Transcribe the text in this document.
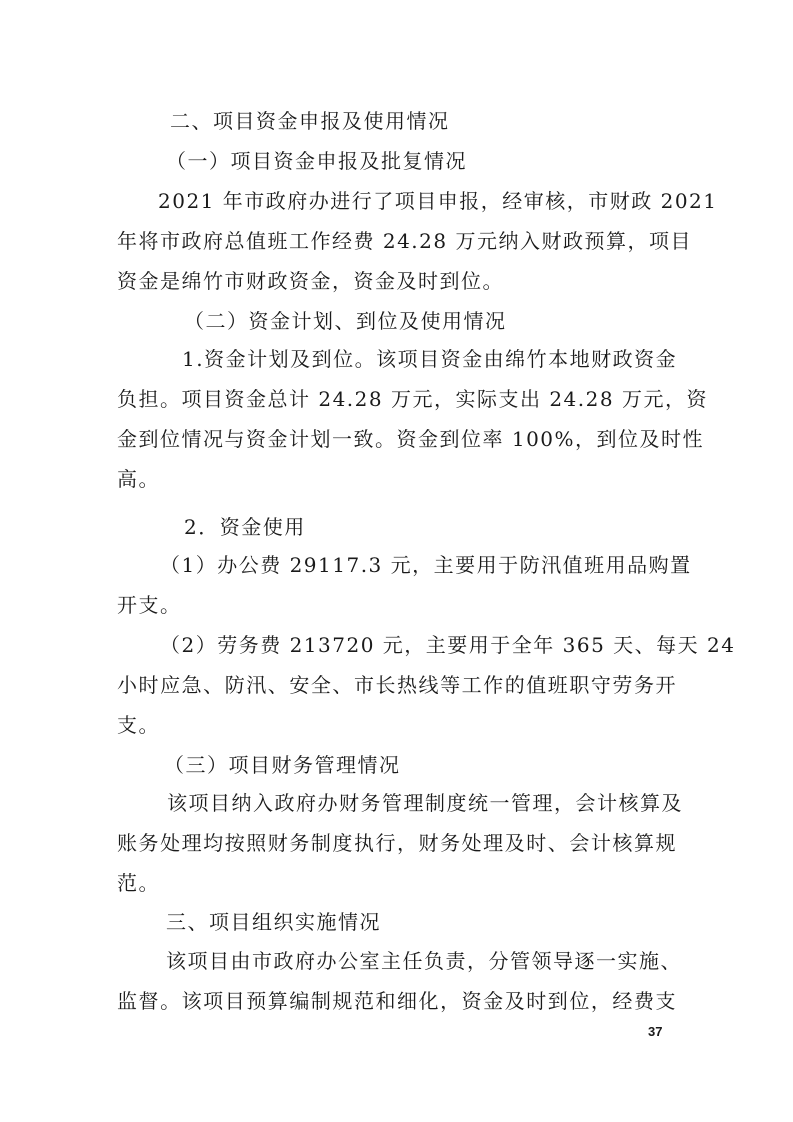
二、项目资金申报及使用情况
（一）项目资金申报及批复情况
2021 年市政府办进行了项目申报，经审核，市财政 2021
年将市政府总值班工作经费 24.28 万元纳入财政预算，项目
资金是绵竹市财政资金，资金及时到位。
（二）资金计划、到位及使用情况
1.资金计划及到位。该项目资金由绵竹本地财政资金
负担。项目资金总计 24.28 万元，实际支出 24.28 万元，资
金到位情况与资金计划一致。资金到位率 100%，到位及时性
高。
2．资金使用
（1）办公费 29117.3 元，主要用于防汛值班用品购置
开支。
（2）劳务费 213720 元，主要用于全年 365 天、每天 24
小时应急、防汛、安全、市长热线等工作的值班职守劳务开
支。
（三）项目财务管理情况
该项目纳入政府办财务管理制度统一管理，会计核算及
账务处理均按照财务制度执行，财务处理及时、会计核算规
范。
三、项目组织实施情况
该项目由市政府办公室主任负责，分管领导逐一实施、
监督。该项目预算编制规范和细化，资金及时到位，经费支
37
